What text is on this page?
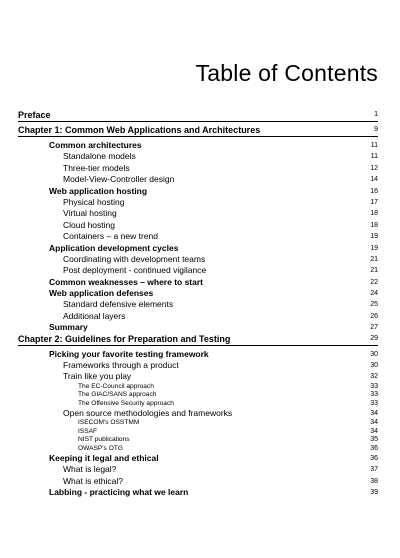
Table of Contents
Preface	1
Chapter 1: Common Web Applications and Architectures	9
Common architectures	11
Standalone models	11
Three-tier models	12
Model-View-Controller design	14
Web application hosting	16
Physical hosting	17
Virtual hosting	18
Cloud hosting	18
Containers – a new trend	19
Application development cycles	19
Coordinating with development teams	21
Post deployment - continued vigilance	21
Common weaknesses – where to start	22
Web application defenses	24
Standard defensive elements	25
Additional layers	26
Summary	27
Chapter 2: Guidelines for Preparation and Testing	29
Picking your favorite testing framework	30
Frameworks through a product	30
Train like you play	32
The EC-Council approach	33
The GIAC/SANS approach	33
The Offensive Security approach	33
Open source methodologies and frameworks	34
ISECOM's OSSTMM	34
ISSAF	34
NIST publications	35
OWASP's OTG	36
Keeping it legal and ethical	36
What is legal?	37
What is ethical?	38
Labbing - practicing what we learn	39
